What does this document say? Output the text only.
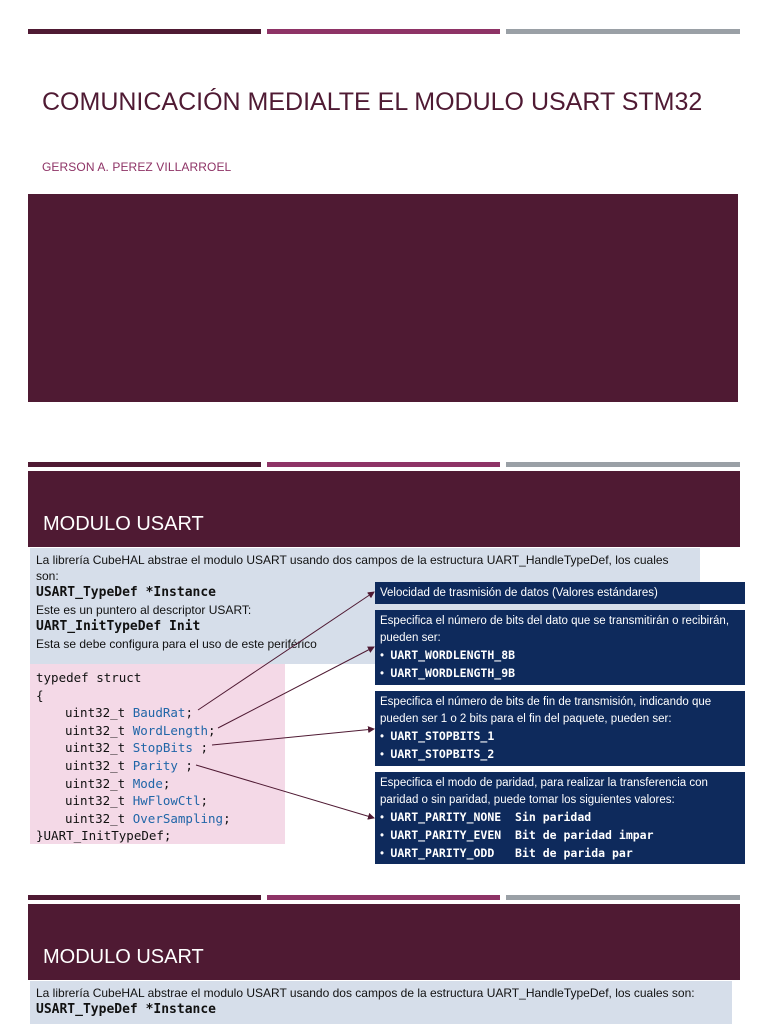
COMUNICACIÓN MEDIALTE EL MODULO USART STM32
GERSON A. PEREZ VILLARROEL
MODULO USART
La librería CubeHAL abstrae el modulo USART usando dos campos de la estructura UART_HandleTypeDef, los cuales son:
USART_TypeDef *Instance
Este es un puntero al descriptor USART:
UART_InitTypeDef Init
Esta se debe configura para el uso de este periférico
typedef struct
{
uint32_t BaudRat;
uint32_t WordLength;
uint32_t StopBits ;
uint32_t Parity ;
uint32_t Mode;
uint32_t HwFlowCtl;
uint32_t OverSampling;
}UART_InitTypeDef;
Velocidad de trasmisión de datos (Valores estándares)
Especifica el número de bits del dato que se transmitirán o recibirán, pueden ser:
•  UART_WORDLENGTH_8B
•  UART_WORDLENGTH_9B
Especifica el número de bits de fin de transmisión, indicando que pueden ser 1 o 2 bits para el fin del paquete, pueden ser:
•  UART_STOPBITS_1
•  UART_STOPBITS_2
Especifica el modo de paridad, para realizar la transferencia con paridad o sin paridad, puede tomar los siguientes valores:
•  UART_PARITY_NONE  Sin paridad
•  UART_PARITY_EVEN  Bit de paridad impar
•  UART_PARITY_ODD   Bit de parida par
MODULO USART
La librería CubeHAL abstrae el modulo USART usando dos campos de la estructura UART_HandleTypeDef, los cuales son:
USART_TypeDef *Instance
